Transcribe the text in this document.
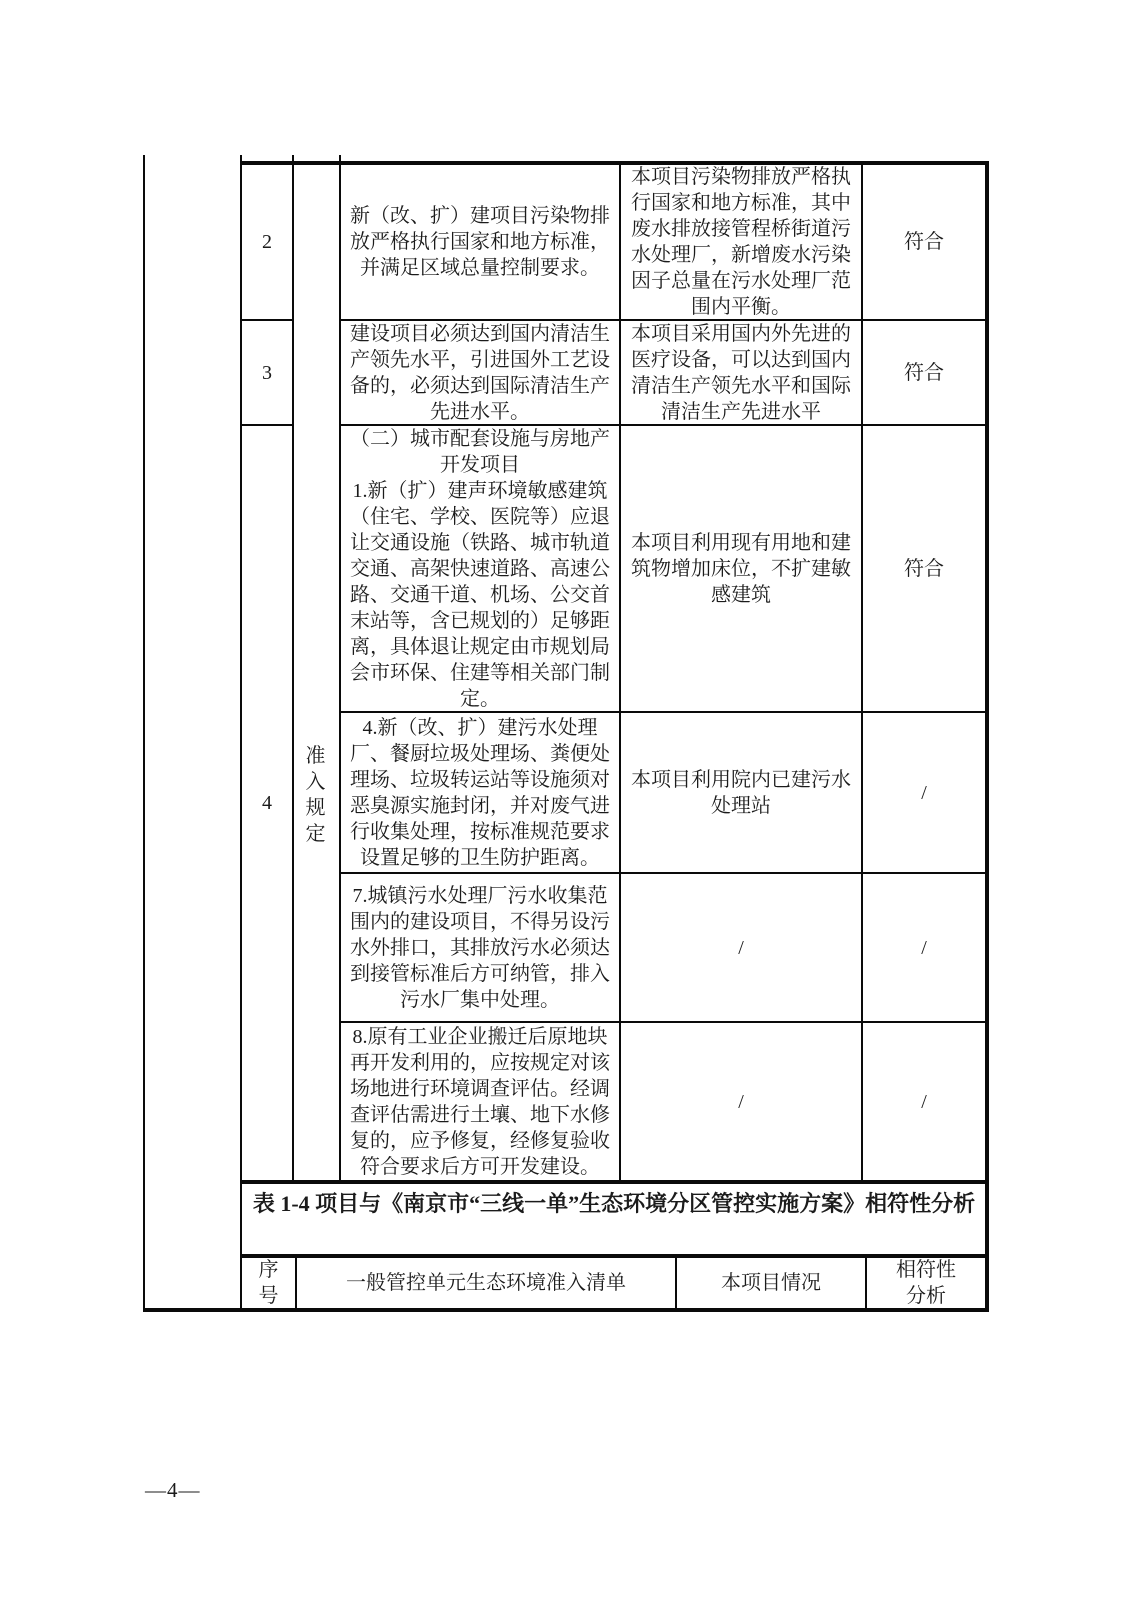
2
3
4
准入规定
新（改、扩）建项目污染物排放严格执行国家和地方标准，并满足区域总量控制要求。
建设项目必须达到国内清洁生产领先水平，引进国外工艺设备的，必须达到国际清洁生产先进水平。
（二）城市配套设施与房地产开发项目
1.新（扩）建声环境敏感建筑（住宅、学校、医院等）应退让交通设施（铁路、城市轨道交通、高架快速道路、高速公路、交通干道、机场、公交首末站等，含已规划的）足够距离，具体退让规定由市规划局会市环保、住建等相关部门制定。
4.新（改、扩）建污水处理厂、餐厨垃圾处理场、粪便处理场、垃圾转运站等设施须对恶臭源实施封闭，并对废气进行收集处理，按标准规范要求设置足够的卫生防护距离。
7.城镇污水处理厂污水收集范围内的建设项目，不得另设污水外排口，其排放污水必须达到接管标准后方可纳管，排入污水厂集中处理。
8.原有工业企业搬迁后原地块再开发利用的，应按规定对该场地进行环境调查评估。经调查评估需进行土壤、地下水修复的，应予修复，经修复验收符合要求后方可开发建设。
本项目污染物排放严格执行国家和地方标准，其中废水排放接管程桥街道污水处理厂，新增废水污染因子总量在污水处理厂范围内平衡。
本项目采用国内外先进的医疗设备，可以达到国内清洁生产领先水平和国际清洁生产先进水平
本项目利用现有用地和建筑物增加床位，不扩建敏感建筑
本项目利用院内已建污水处理站
/
/
符合
符合
符合
/
/
/
表 1-4 项目与《南京市“三线一单”生态环境分区管控实施方案》相符性分析
序号
一般管控单元生态环境准入清单	本项目情况
相符性分析
—4—
